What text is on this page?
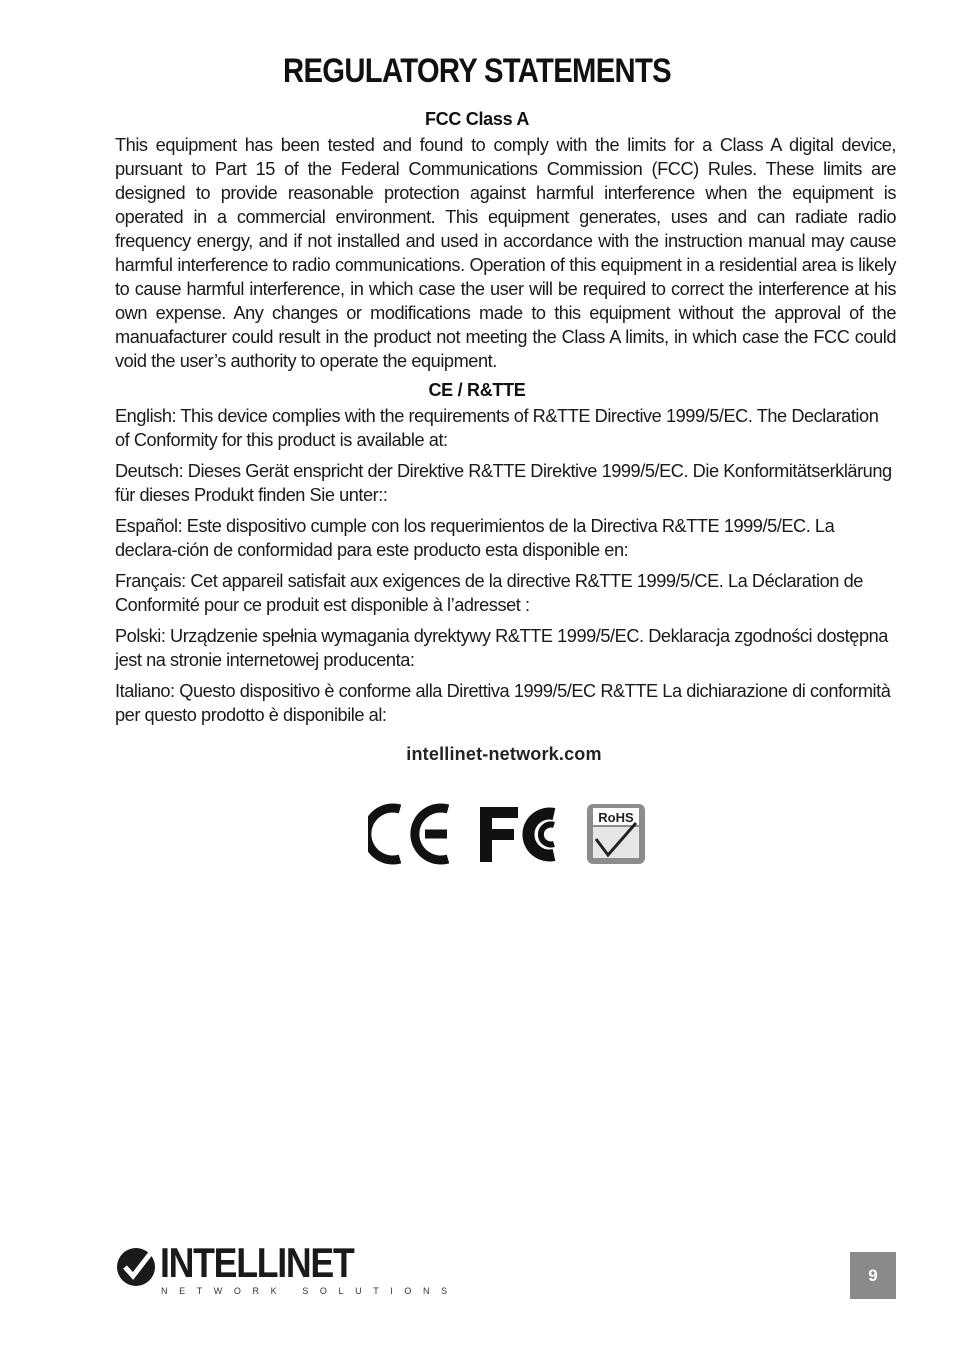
REGULATORY STATEMENTS
FCC Class A
This equipment has been tested and found to comply with the limits for a Class A digital device, pursuant to Part 15 of the Federal Communications Commission (FCC) Rules. These limits are designed to provide reasonable protection against harmful interference when the equipment is operated in a commercial environment. This equipment generates, uses and can radiate radio frequency energy, and if not installed and used in accordance with the instruction manual may cause harmful interference to radio communications. Operation of this equipment in a residential area is likely to cause harmful interference, in which case the user will be required to correct the interference at his own expense. Any changes or modifications made to this equipment without the approval of the manuafacturer could result in the product not meeting the Class A limits, in which case the FCC could void the user’s authority to operate the equipment.
CE / R&TTE

English: This device complies with the requirements of R&TTE Directive 1999/5/EC. The Declaration of Conformity for this product is available at:

Deutsch: Dieses Gerät enspricht der Direktive R&TTE Direktive 1999/5/EC. Die Konformitätserklärung für dieses Produkt finden Sie unter::

Español: Este dispositivo cumple con los requerimientos de la Directiva R&TTE 1999/5/EC. La declara-ción de conformidad para este producto esta disponible en:

Français: Cet appareil satisfait aux exigences de la directive R&TTE 1999/5/CE. La Déclaration de Conformité pour ce produit est disponible à l’adresset :

Polski: Urządzenie spełnia wymagania dyrektywy R&TTE 1999/5/EC. Deklaracja zgodności dostępna jest na stronie internetowej producenta:

Italiano: Questo dispositivo è conforme alla Direttiva 1999/5/EC R&TTE La dichiarazione di conformità per questo prodotto è disponibile al:

intellinet-network.com
RoHS
INTELLINET
NETWORK SOLUTIONS
9
